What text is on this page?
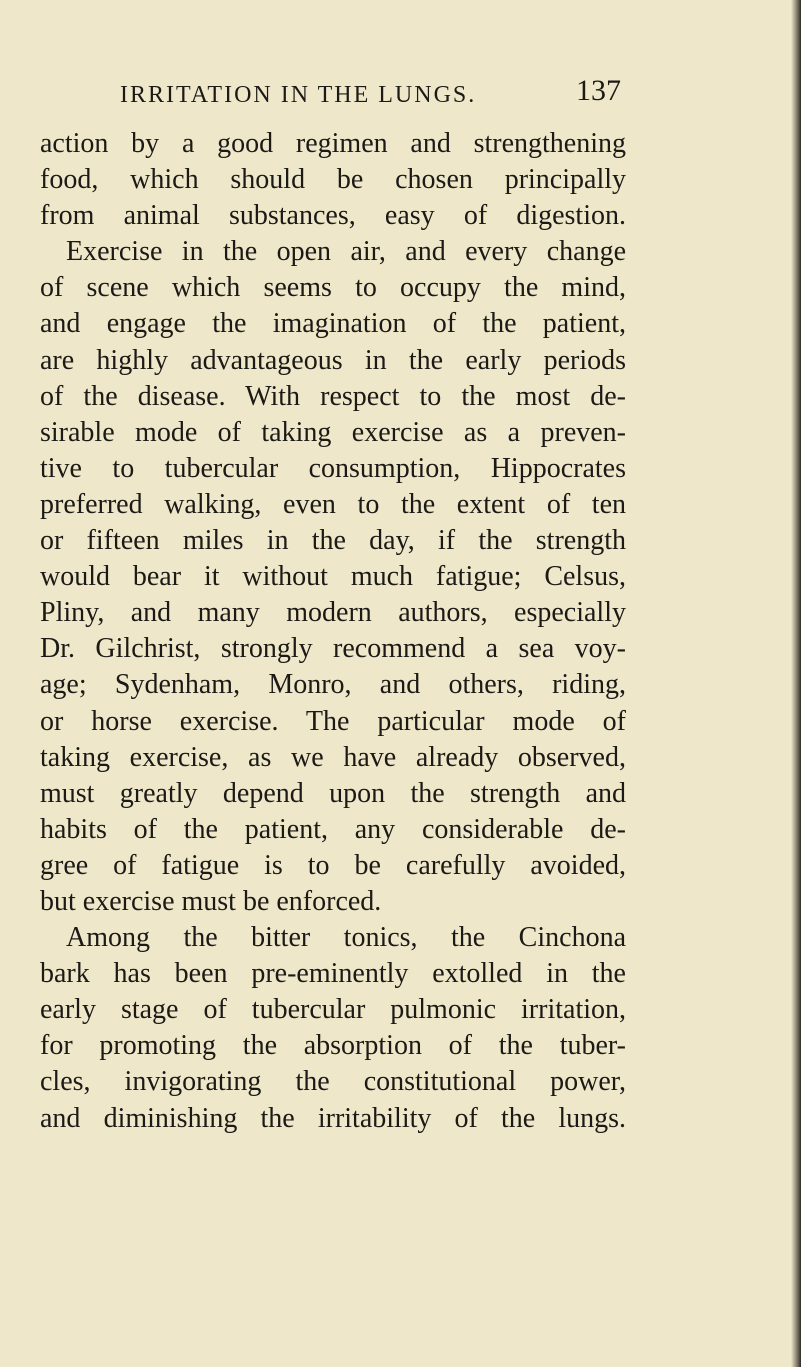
IRRITATION IN THE LUNGS.	137
action by a good regimen and strengthening
food, which should be chosen principally
from animal substances, easy of digestion.
Exercise in the open air, and every change
of scene which seems to occupy the mind,
and engage the imagination of the patient,
are highly advantageous in the early periods
of the disease. With respect to the most de-
sirable mode of taking exercise as a preven-
tive to tubercular consumption, Hippocrates
preferred walking, even to the extent of ten
or fifteen miles in the day, if the strength
would bear it without much fatigue; Celsus,
Pliny, and many modern authors, especially
Dr. Gilchrist, strongly recommend a sea voy-
age; Sydenham, Monro, and others, riding,
or horse exercise. The particular mode of
taking exercise, as we have already observed,
must greatly depend upon the strength and
habits of the patient, any considerable de-
gree of fatigue is to be carefully avoided,
but exercise must be enforced.
Among the bitter tonics, the Cinchona
bark has been pre-eminently extolled in the
early stage of tubercular pulmonic irritation,
for promoting the absorption of the tuber-
cles, invigorating the constitutional power,
and diminishing the irritability of the lungs.
